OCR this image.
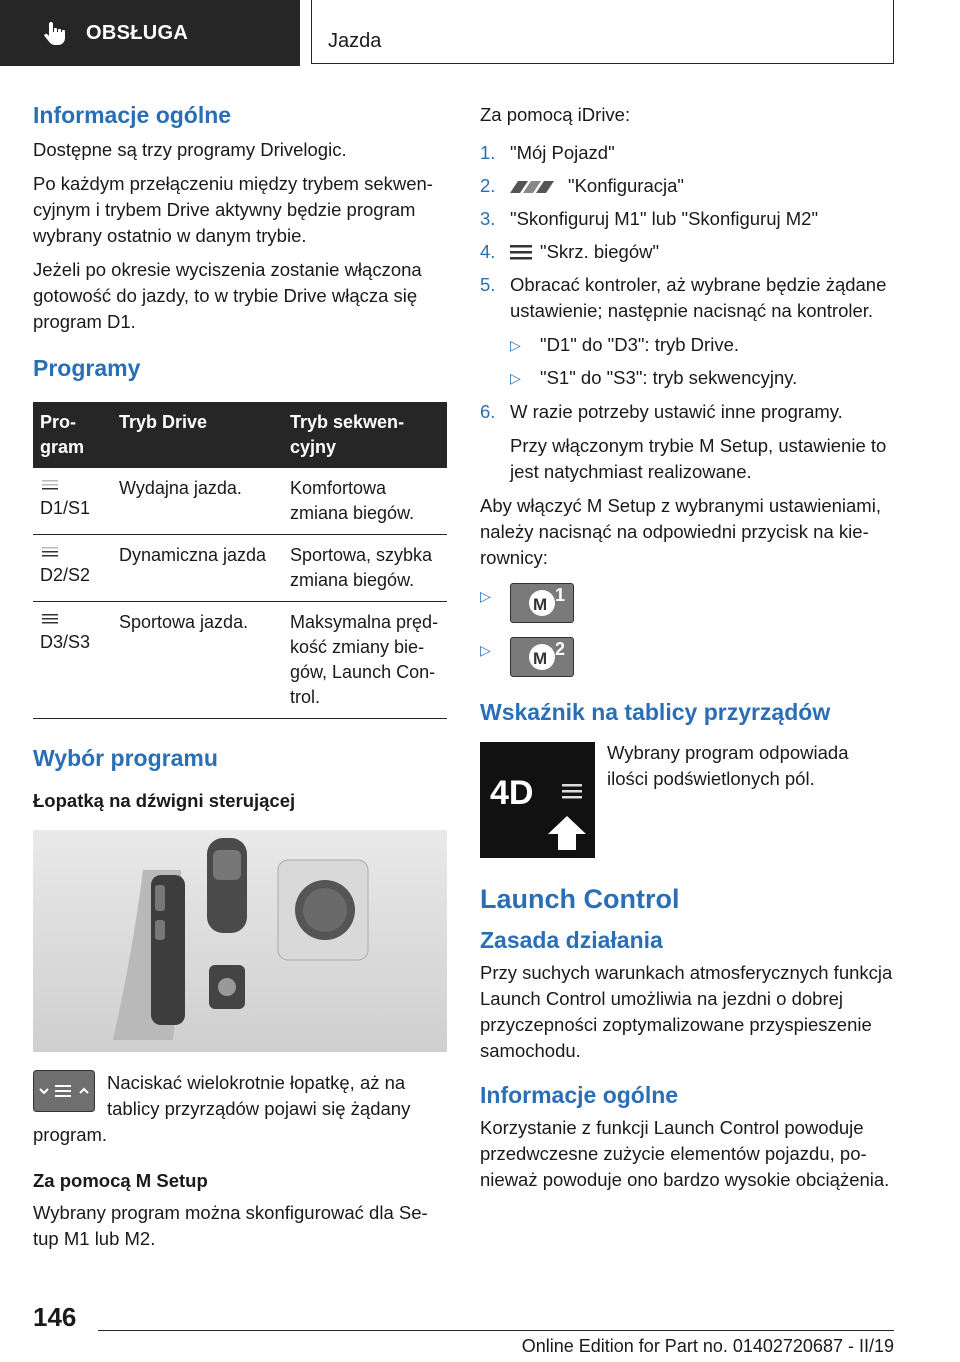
OBSŁUGA	Jazda
Informacje ogólne

Dostępne są trzy programy Drivelogic.

Po każdym przełączeniu między trybem sekwencyjnym i trybem Drive aktywny będzie program wybrany ostatnio w danym trybie.

Jeżeli po okresie wyciszenia zostanie włączona gotowość do jazdy, to w trybie Drive włącza się program D1.

Programy
Program	Tryb Drive	Tryb sekwencyjny

D1/S1	Wydajna jazda.	Komfortowa zmiana biegów.

D2/S2	Dynamiczna jazda	Sportowa, szybka zmiana biegów.

D3/S3	Sportowa jazda.	Maksymalna prędkość zmiany biegów, Launch Control.
Wybór programu
Łopatką na dźwigni sterującej

Naciskać wielokrotnie łopatkę, aż na tablicy przyrządów pojawi się żądany program.

Za pomocą M Setup

Wybrany program można skonfigurować dla Setup M1 lub M2.

Za pomocą iDrive:

1. "Mój Pojazd"
2.	"Konfiguracja"
3. "Skonfiguruj M1" lub "Skonfiguruj M2"
4. "Skrz. biegów"
5. Obracać kontroler, aż wybrane będzie żądane ustawienie; następnie nacisnąć na kontroler.
▷ "D1" do "D3": tryb Drive.
▷ "S1" do "S3": tryb sekwencyjny.
6. W razie potrzeby ustawić inne programy.
Przy włączonym trybie M Setup, ustawienie to jest natychmiast realizowane.

Aby włączyć M Setup z wybranymi ustawieniami, należy nacisnąć na odpowiedni przycisk na kierownicy:

▷ M 1
▷ M 2
Wskaźnik na tablicy przyrządów
4D

Wybrany program odpowiada ilości podświetlonych pól.

Launch Control
Zasada działania

Przy suchych warunkach atmosferycznych funkcja Launch Control umożliwia na jezdni o dobrej przyczepności zoptymalizowane przyspieszenie samochodu.

Informacje ogólne

Korzystanie z funkcji Launch Control powoduje przedwczesne zużycie elementów pojazdu, ponieważ powoduje ono bardzo wysokie obciążenia.

146
Online Edition for Part no. 01402720687 - II/19
